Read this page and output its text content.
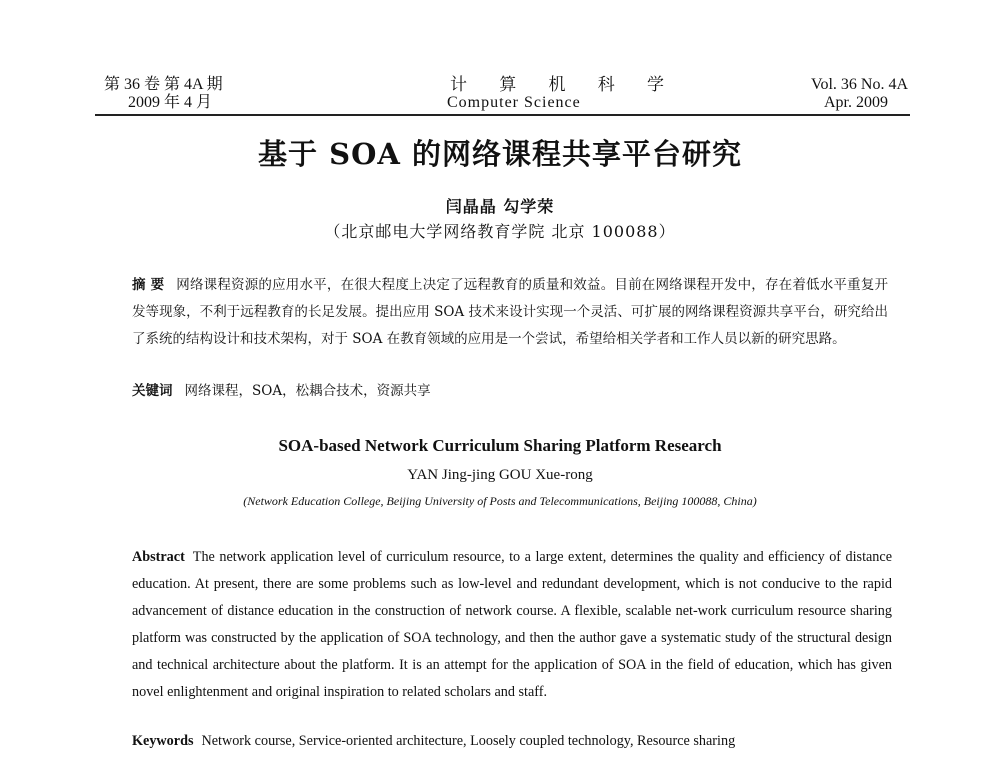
第 36 卷 第 4A 期
2009 年 4 月
计 算 机 科 学
Computer Science
Vol. 36 No. 4A
Apr. 2009
基于 SOA 的网络课程共享平台研究
闫晶晶 勾学荣
（北京邮电大学网络教育学院 北京 100088）
摘 要 网络课程资源的应用水平，在很大程度上决定了远程教育的质量和效益。目前在网络课程开发中，存在着低水平重复开发等现象，不利于远程教育的长足发展。提出应用 SOA 技术来设计实现一个灵活、可扩展的网络课程资源共享平台，研究给出了系统的结构设计和技术架构，对于 SOA 在教育领域的应用是一个尝试，希望给相关学者和工作人员以新的研究思路。
关键词 网络课程，SOA，松耦合技术，资源共享
SOA-based Network Curriculum Sharing Platform Research
YAN Jing-jing GOU Xue-rong
(Network Education College, Beijing University of Posts and Telecommunications, Beijing 100088, China)
Abstract The network application level of curriculum resource, to a large extent, determines the quality and efficiency of distance education. At present, there are some problems such as low-level and redundant development, which is not conducive to the rapid advancement of distance education in the construction of network course. A flexible, scalable net-work curriculum resource sharing platform was constructed by the application of SOA technology, and then the author gave a systematic study of the structural design and technical architecture about the platform. It is an attempt for the application of SOA in the field of education, which has given novel enlightenment and original inspiration to related scholars and staff.
Keywords Network course, Service-oriented architecture, Loosely coupled technology, Resource sharing
